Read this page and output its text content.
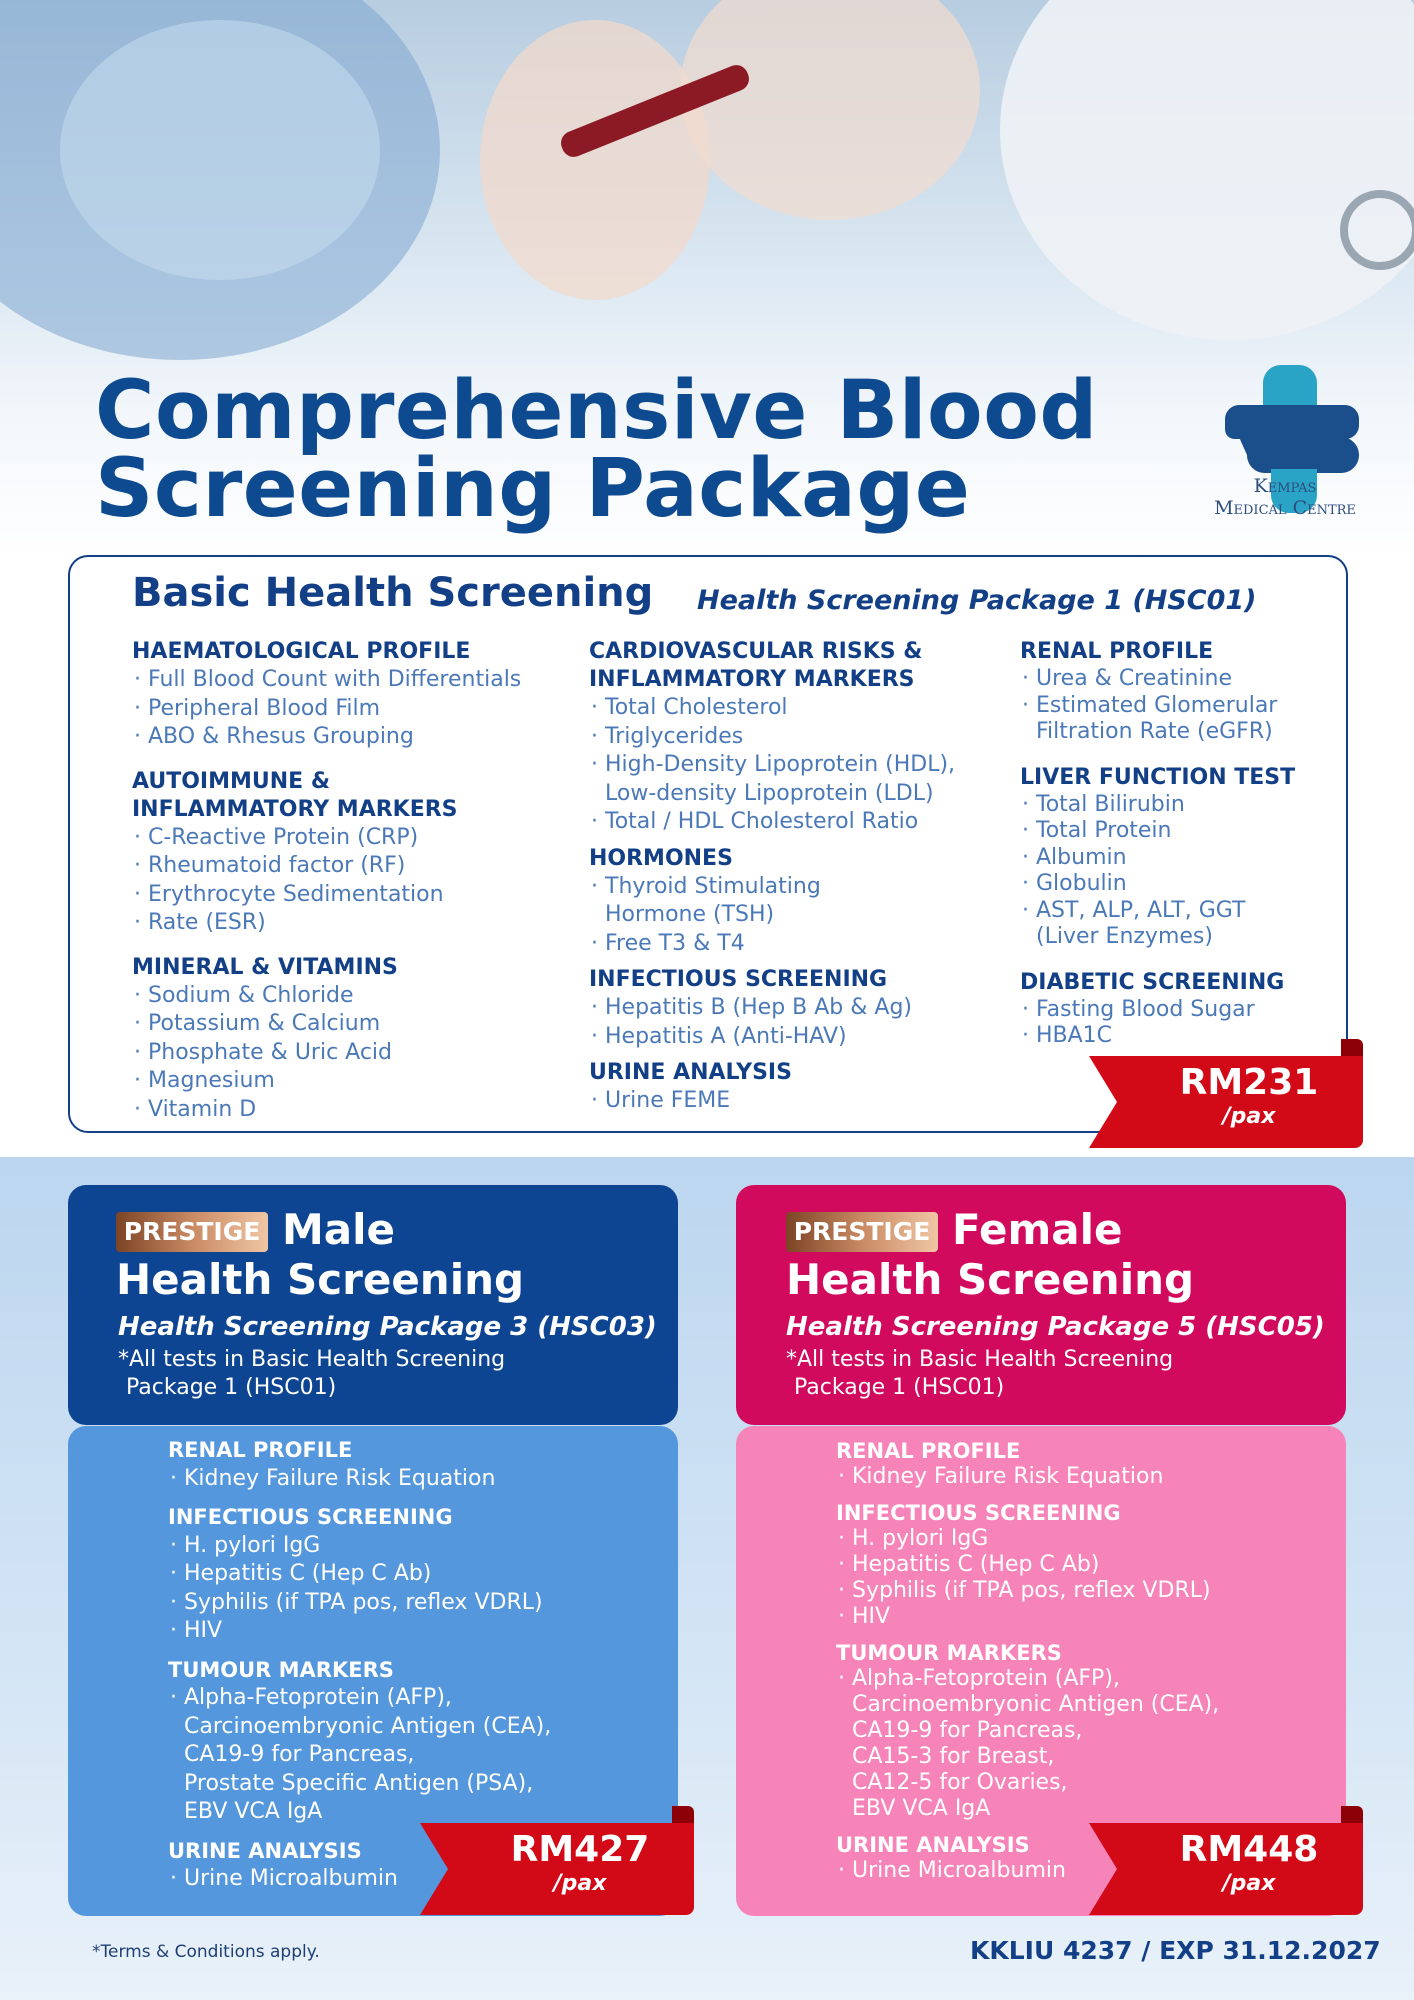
Comprehensive Blood
Screening Package	Kempas
Medical Centre
Basic Health Screening Health Screening Package 1 (HSC01)
HAEMATOLOGICAL PROFILE
· Full Blood Count with Differentials
· Peripheral Blood Film
· ABO & Rhesus Grouping
AUTOIMMUNE &
INFLAMMATORY MARKERS
· C-Reactive Protein (CRP)
· Rheumatoid factor (RF)
· Erythrocyte Sedimentation
· Rate (ESR)
MINERAL & VITAMINS
· Sodium & Chloride
· Potassium & Calcium
· Phosphate & Uric Acid
· Magnesium
· Vitamin D
CARDIOVASCULAR RISKS &
INFLAMMATORY MARKERS
· Total Cholesterol
· Triglycerides
· High-Density Lipoprotein (HDL),
Low-density Lipoprotein (LDL)
· Total / HDL Cholesterol Ratio
HORMONES
· Thyroid Stimulating
Hormone (TSH)
· Free T3 & T4
INFECTIOUS SCREENING
· Hepatitis B (Hep B Ab & Ag)
· Hepatitis A (Anti-HAV)
URINE ANALYSIS
· Urine FEME
RENAL PROFILE
· Urea & Creatinine
· Estimated Glomerular
Filtration Rate (eGFR)
LIVER FUNCTION TEST
· Total Bilirubin
· Total Protein
· Albumin
· Globulin
· AST, ALP, ALT, GGT
(Liver Enzymes)
DIABETIC SCREENING
· Fasting Blood Sugar
· HBA1C
RM231
/pax
PRESTIGE Male
Health Screening
Health Screening Package 3 (HSC03)
*All tests in Basic Health Screening
Package 1 (HSC01)
RENAL PROFILE
· Kidney Failure Risk Equation
INFECTIOUS SCREENING
· H. pylori IgG
· Hepatitis C (Hep C Ab)
· Syphilis (if TPA pos, reflex VDRL)
· HIV
TUMOUR MARKERS
· Alpha-Fetoprotein (AFP),
Carcinoembryonic Antigen (CEA),
CA19-9 for Pancreas,
Prostate Specific Antigen (PSA),
EBV VCA IgA
URINE ANALYSIS
· Urine Microalbumin
RM427
/pax
PRESTIGE Female
Health Screening
Health Screening Package 5 (HSC05)
*All tests in Basic Health Screening
Package 1 (HSC01)
RENAL PROFILE
· Kidney Failure Risk Equation
INFECTIOUS SCREENING
· H. pylori IgG
· Hepatitis C (Hep C Ab)
· Syphilis (if TPA pos, reflex VDRL)
· HIV
TUMOUR MARKERS
· Alpha-Fetoprotein (AFP),
Carcinoembryonic Antigen (CEA),
CA19-9 for Pancreas,
CA15-3 for Breast,
CA12-5 for Ovaries,
EBV VCA IgA
URINE ANALYSIS
· Urine Microalbumin
RM448
/pax
*Terms & Conditions apply.	KKLIU 4237 / EXP 31.12.2027
